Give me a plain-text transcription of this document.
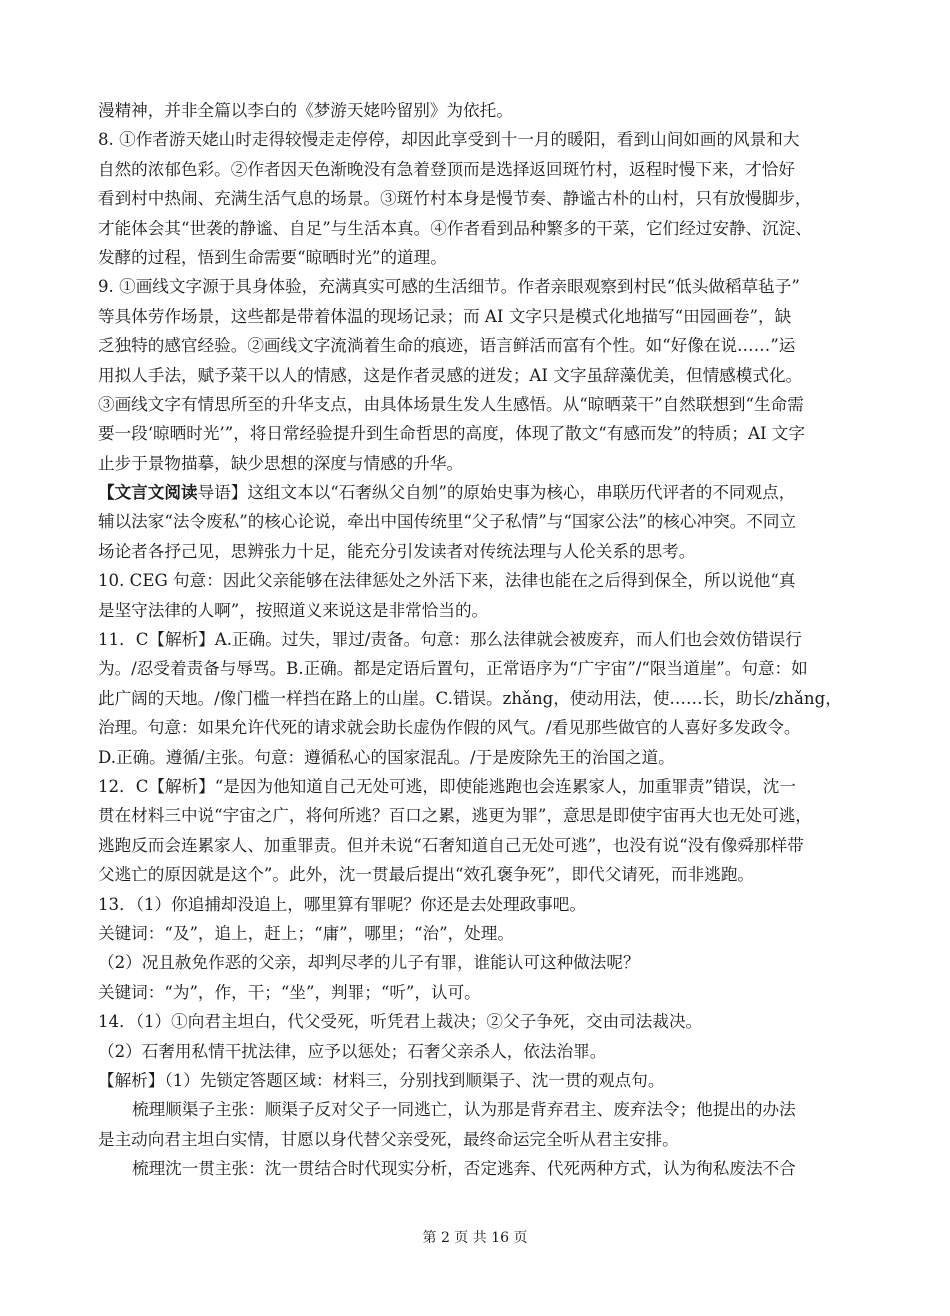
漫精神，并非全篇以李白的《梦游天姥吟留别》为依托。
8. ①作者游天姥山时走得较慢走走停停，却因此享受到十一月的暖阳，看到山间如画的风景和大
自然的浓郁色彩。②作者因天色渐晚没有急着登顶而是选择返回斑竹村，返程时慢下来，才恰好
看到村中热闹、充满生活气息的场景。③斑竹村本身是慢节奏、静谧古朴的山村，只有放慢脚步，
才能体会其“世袭的静谧、自足”与生活本真。④作者看到品种繁多的干菜，它们经过安静、沉淀、
发酵的过程，悟到生命需要“晾晒时光”的道理。
9. ①画线文字源于具身体验，充满真实可感的生活细节。作者亲眼观察到村民“低头做稻草毡子”
等具体劳作场景，这些都是带着体温的现场记录；而 AI 文字只是模式化地描写“田园画卷”，缺
乏独特的感官经验。②画线文字流淌着生命的痕迹，语言鲜活而富有个性。如“好像在说……”运
用拟人手法，赋予菜干以人的情感，这是作者灵感的迸发；AI 文字虽辞藻优美，但情感模式化。
③画线文字有情思所至的升华支点，由具体场景生发人生感悟。从“晾晒菜干”自然联想到“生命需
要一段‘晾晒时光’”，将日常经验提升到生命哲思的高度，体现了散文“有感而发”的特质；AI 文字
止步于景物描摹，缺少思想的深度与情感的升华。
【文言文阅读导语】这组文本以“石奢纵父自刎”的原始史事为核心，串联历代评者的不同观点，
辅以法家“法令废私”的核心论说，牵出中国传统里“父子私情”与“国家公法”的核心冲突。不同立
场论者各抒己见，思辨张力十足，能充分引发读者对传统法理与人伦关系的思考。
10. CEG 句意：因此父亲能够在法律惩处之外活下来，法律也能在之后得到保全，所以说他“真
是坚守法律的人啊”，按照道义来说这是非常恰当的。
11．C【解析】A.正确。过失，罪过/责备。句意：那么法律就会被废弃，而人们也会效仿错误行
为。/忍受着责备与辱骂。B.正确。都是定语后置句，正常语序为“广宇宙”/“限当道崖”。句意：如
此广阔的天地。/像门槛一样挡在路上的山崖。C.错误。zhǎng，使动用法，使……长，助长/zhǎng，
治理。句意：如果允许代死的请求就会助长虚伪作假的风气。/看见那些做官的人喜好多发政令。
D.正确。遵循/主张。句意：遵循私心的国家混乱。/于是废除先王的治国之道。
12．C【解析】“是因为他知道自己无处可逃，即使能逃跑也会连累家人，加重罪责”错误，沈一
贯在材料三中说“宇宙之广，将何所逃？百口之累，逃更为罪”，意思是即使宇宙再大也无处可逃，
逃跑反而会连累家人、加重罪责。但并未说“石奢知道自己无处可逃”，也没有说“没有像舜那样带
父逃亡的原因就是这个”。此外，沈一贯最后提出“效孔褒争死”，即代父请死，而非逃跑。
13．（1）你追捕却没追上，哪里算有罪呢？你还是去处理政事吧。
关键词：“及”，追上，赶上；“庸”，哪里；“治”，处理。
（2）况且赦免作恶的父亲，却判尽孝的儿子有罪，谁能认可这种做法呢？
关键词：“为”，作，干；“坐”，判罪；“听”，认可。
14．（1）①向君主坦白，代父受死，听凭君上裁决；②父子争死，交由司法裁决。
（2）石奢用私情干扰法律，应予以惩处；石奢父亲杀人，依法治罪。
【解析】（1）先锁定答题区域：材料三，分别找到顺渠子、沈一贯的观点句。
梳理顺渠子主张：顺渠子反对父子一同逃亡，认为那是背弃君主、废弃法令；他提出的办法
是主动向君主坦白实情，甘愿以身代替父亲受死，最终命运完全听从君主安排。
梳理沈一贯主张：沈一贯结合时代现实分析，否定逃奔、代死两种方式，认为徇私废法不合
第 2 页 共 16 页
